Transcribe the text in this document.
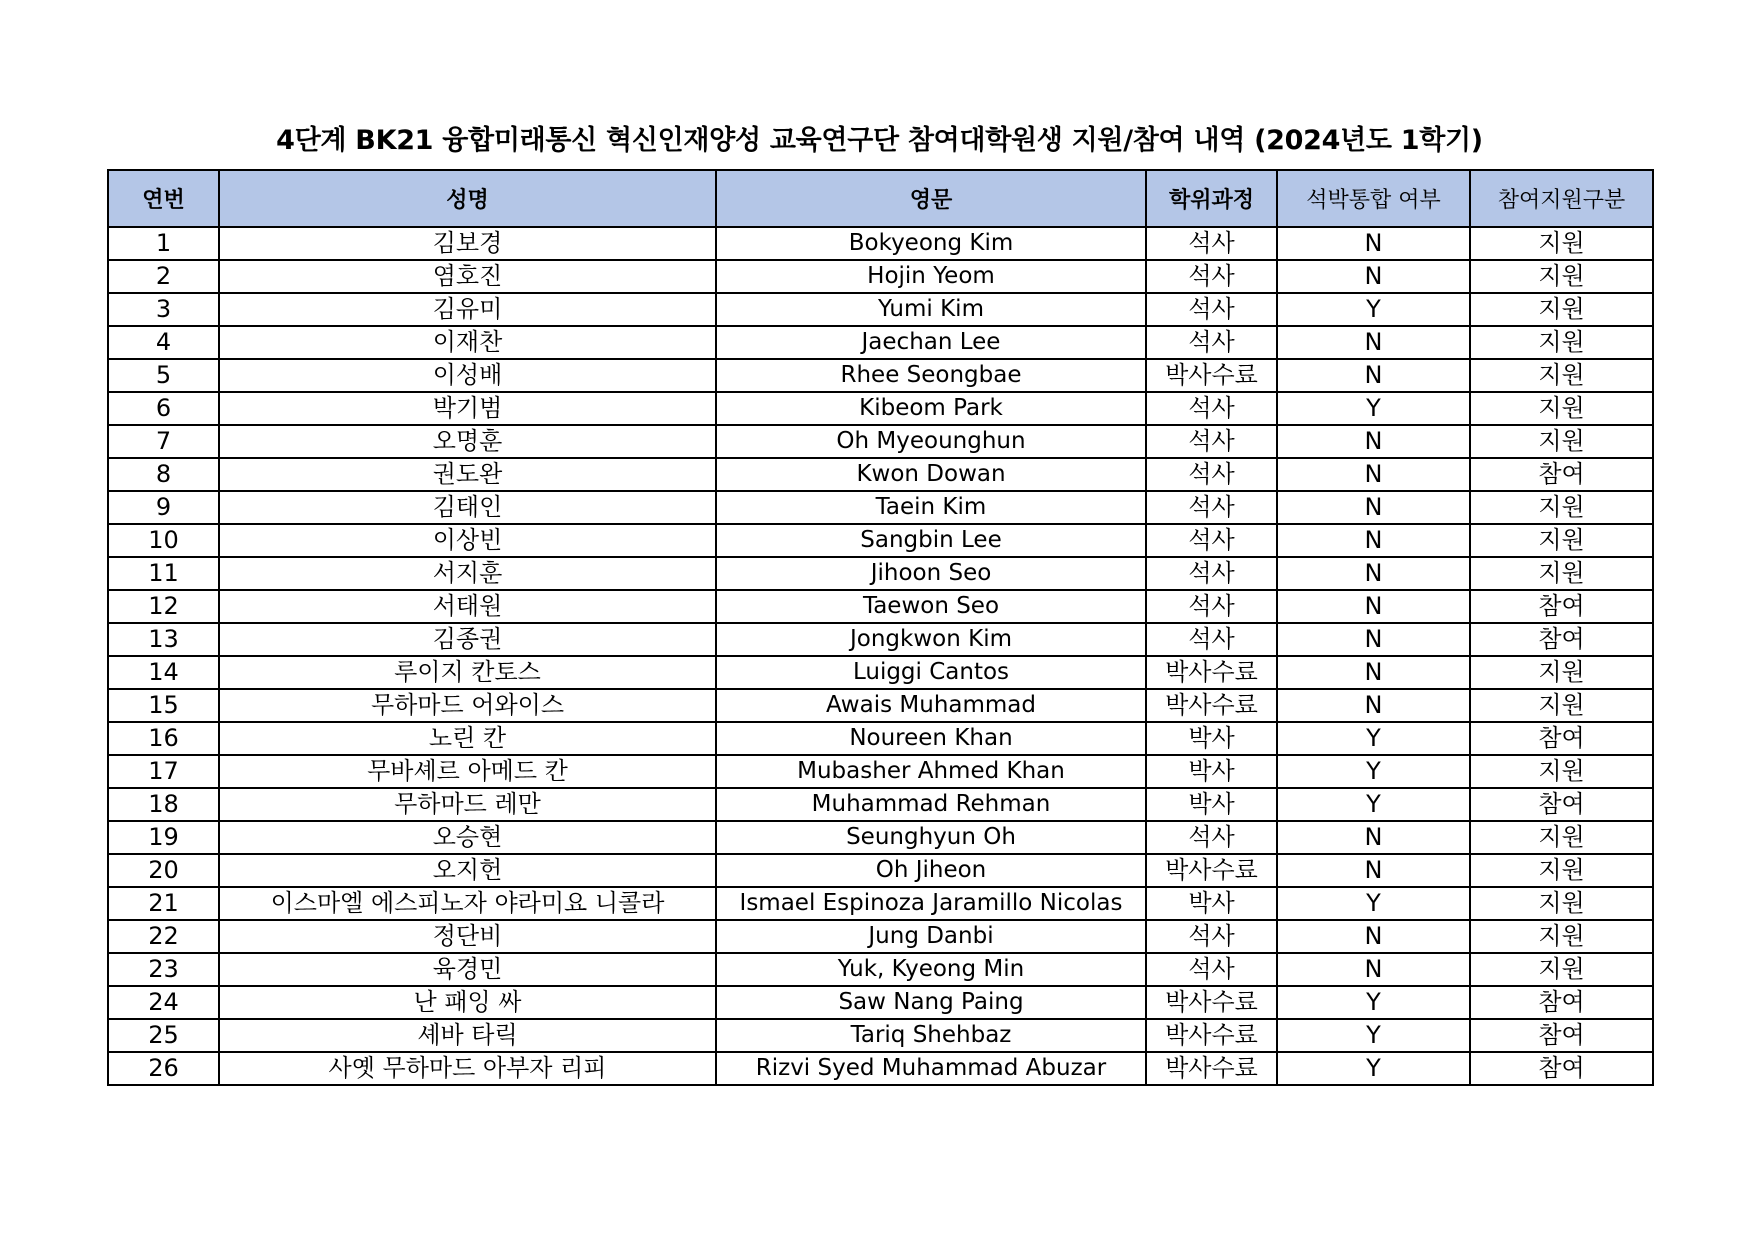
4단계 BK21 융합미래통신 혁신인재양성 교육연구단 참여대학원생 지원/참여 내역 (2024년도 1학기)
연번	성명	영문	학위과정	석박통합 여부	참여지원구분
1	김보경	Bokyeong Kim	석사	N	지원
2	염호진	Hojin Yeom	석사	N	지원
3	김유미	Yumi Kim	석사	Y	지원
4	이재찬	Jaechan Lee	석사	N	지원
5	이성배	Rhee Seongbae	박사수료	N	지원
6	박기범	Kibeom Park	석사	Y	지원
7	오명훈	Oh Myeounghun	석사	N	지원
8	권도완	Kwon Dowan	석사	N	참여
9	김태인	Taein Kim	석사	N	지원
10	이상빈	Sangbin Lee	석사	N	지원
11	서지훈	Jihoon Seo	석사	N	지원
12	서태원	Taewon Seo	석사	N	참여
13	김종권	Jongkwon Kim	석사	N	참여
14	루이지 칸토스	Luiggi Cantos	박사수료	N	지원
15	무하마드 어와이스	Awais Muhammad	박사수료	N	지원
16	노린 칸	Noureen Khan	박사	Y	참여
17	무바셰르 아메드 칸	Mubasher Ahmed Khan	박사	Y	지원
18	무하마드 레만	Muhammad Rehman	박사	Y	참여
19	오승현	Seunghyun Oh	석사	N	지원
20	오지헌	Oh Jiheon	박사수료	N	지원
21	이스마엘 에스피노자 야라미요 니콜라	Ismael Espinoza Jaramillo Nicolas	박사	Y	지원
22	정단비	Jung Danbi	석사	N	지원
23	육경민	Yuk, Kyeong Min	석사	N	지원
24	난 패잉 싸	Saw Nang Paing	박사수료	Y	참여
25	셰바 타릭	Tariq Shehbaz	박사수료	Y	참여
26	사옛 무하마드 아부자 리피	Rizvi Syed Muhammad Abuzar	박사수료	Y	참여
